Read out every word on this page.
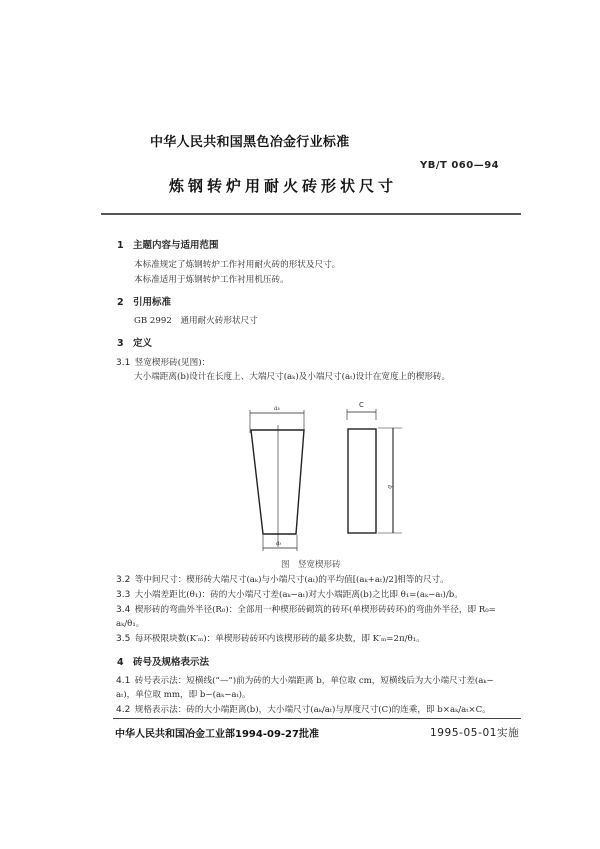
中华人民共和国黑色冶金行业标准
YB/T 060—94
炼钢转炉用耐火砖形状尺寸
1 主题内容与适用范围
本标准规定了炼钢转炉工作衬用耐火砖的形状及尺寸。
本标准适用于炼钢转炉工作衬用机压砖。
2 引用标准
GB 2992　通用耐火砖形状尺寸
3 定义
3.1 竖宽楔形砖(见图)：
大小端距离(b)设计在长度上、大端尺寸(aₖ)及小端尺寸(aₜ)设计在宽度上的楔形砖。
aₖ
aₜ
C
b
图　竖宽楔形砖
3.2 等中间尺寸：楔形砖大端尺寸(aₖ)与小端尺寸(aₜ)的平均值[(aₖ+aₜ)/2]相等的尺寸。
3.3 大小端差距比(θ₁)：砖的大小端尺寸差(aₖ−aₜ)对大小端距离(b)之比即 θ₁=(aₖ−aₜ)/b。
3.4 楔形砖的弯曲外半径(R₀)：全部用一种楔形砖砌筑的砖环(单楔形砖砖环)的弯曲外半径，即 R₀=
aₖ/θ₁。
3.5 每环极限块数(K′ₘ)：单楔形砖砖环内该楔形砖的最多块数，即 K′ₘ=2π/θ₁。
4 砖号及规格表示法
4.1 砖号表示法：短横线(“—”)前为砖的大小端距离 b，单位取 cm，短横线后为大小端尺寸差(aₖ−
aₜ)，单位取 mm，即 b−(aₖ−aₜ)。
4.2 规格表示法：砖的大小端距离(b)，大小端尺寸(aₖ/aₜ)与厚度尺寸(C)的连乘，即 b×aₖ/aₜ×C。
中华人民共和国冶金工业部1994-09-27批准	1995-05-01实施
